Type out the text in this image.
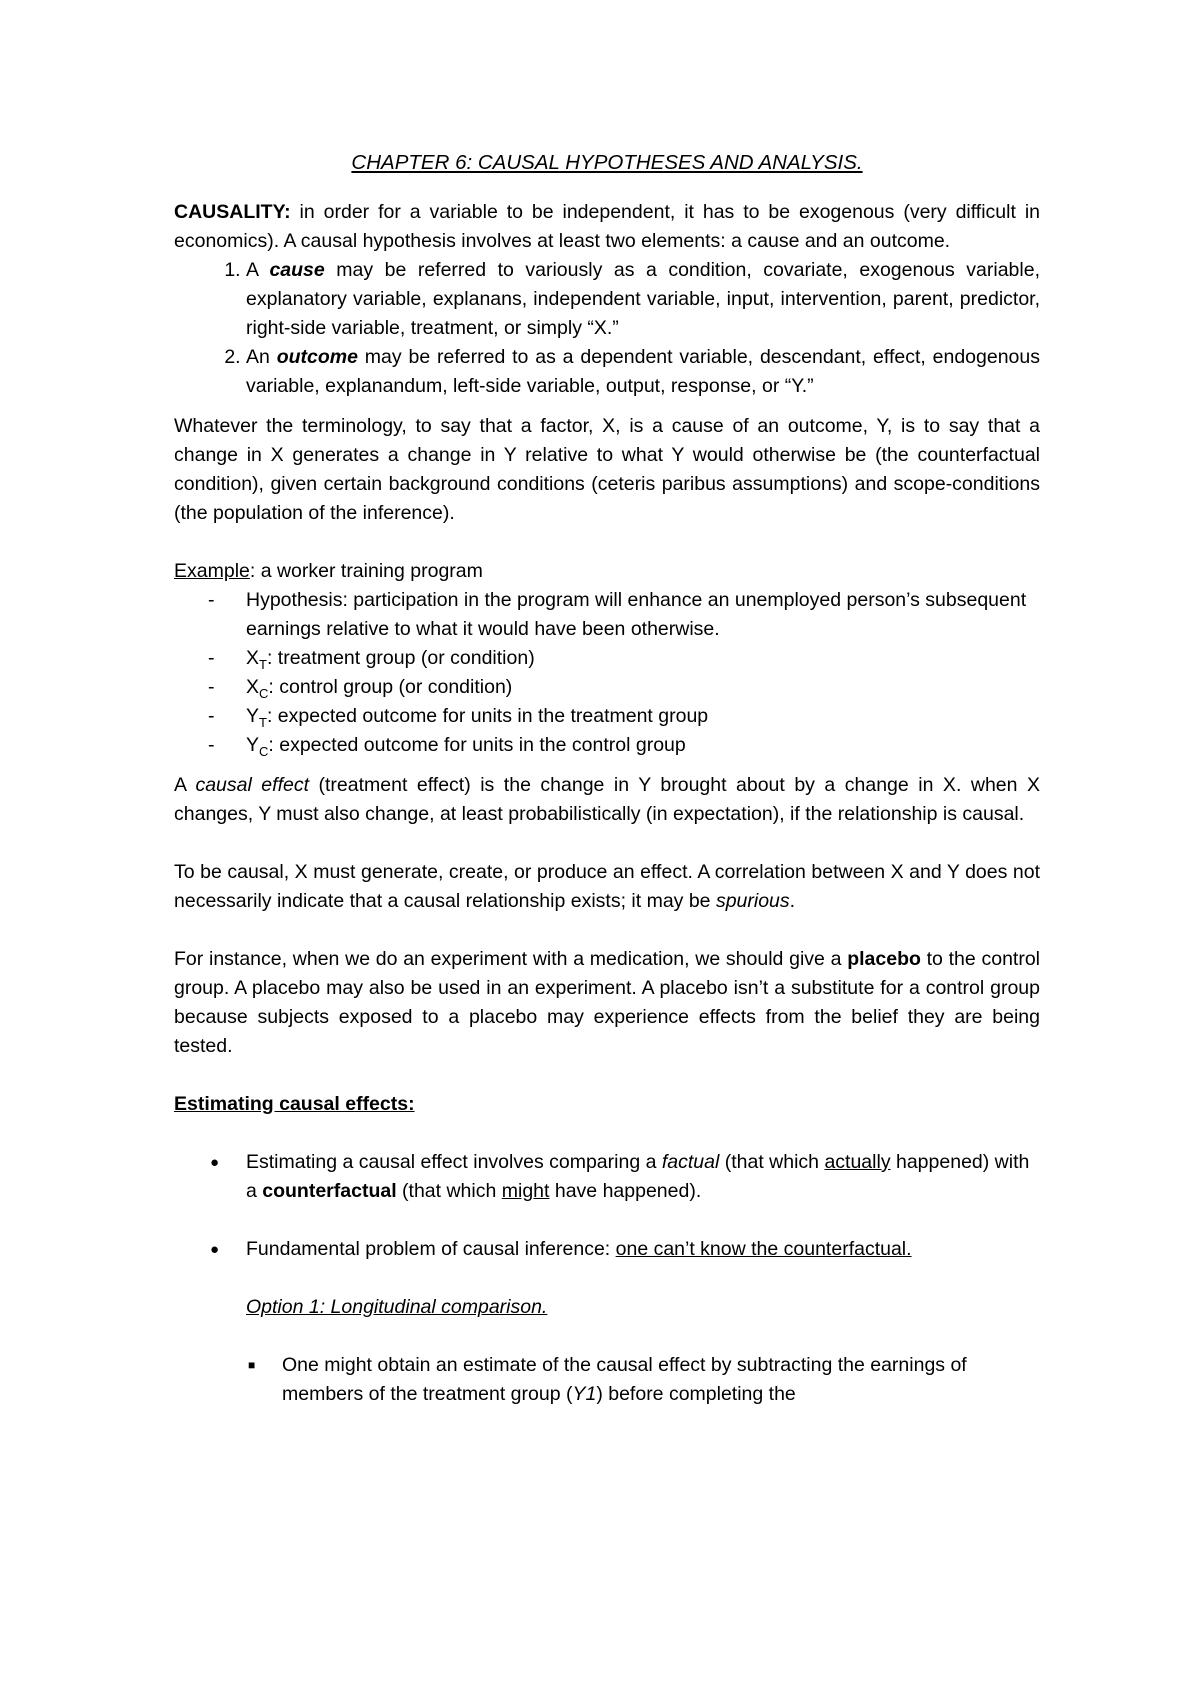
CHAPTER 6: CAUSAL HYPOTHESES AND ANALYSIS.

CAUSALITY: in order for a variable to be independent, it has to be exogenous (very difficult in economics). A causal hypothesis involves at least two elements: a cause and an outcome.

1. A cause may be referred to variously as a condition, covariate, exogenous variable, explanatory variable, explanans, independent variable, input, intervention, parent, predictor, right-side variable, treatment, or simply “X.”
2. An outcome may be referred to as a dependent variable, descendant, effect, endogenous variable, explanandum, left-side variable, output, response, or “Y.”

Whatever the terminology, to say that a factor, X, is a cause of an outcome, Y, is to say that a change in X generates a change in Y relative to what Y would otherwise be (the counterfactual condition), given certain background conditions (ceteris paribus assumptions) and scope-conditions (the population of the inference).

Example: a worker training program

- Hypothesis: participation in the program will enhance an unemployed person’s subsequent earnings relative to what it would have been otherwise.
- $X_T$: treatment group (or condition)
- $X_C$: control group (or condition)
- $Y_T$: expected outcome for units in the treatment group
- $Y_C$: expected outcome for units in the control group

A causal effect (treatment effect) is the change in Y brought about by a change in X. when X changes, Y must also change, at least probabilistically (in expectation), if the relationship is causal.

To be causal, X must generate, create, or produce an effect. A correlation between X and Y does not necessarily indicate that a causal relationship exists; it may be spurious.

For instance, when we do an experiment with a medication, we should give a placebo to the control group. A placebo may also be used in an experiment. A placebo isn’t a substitute for a control group because subjects exposed to a placebo may experience effects from the belief they are being tested.

Estimating causal effects:

● Estimating a causal effect involves comparing a factual (that which actually happened) with a counterfactual (that which might have happened).
● Fundamental problem of causal inference: one can’t know the counterfactual.

Option 1: Longitudinal comparison.

■ One might obtain an estimate of the causal effect by subtracting the earnings of members of the treatment group (Y1) before completing the
